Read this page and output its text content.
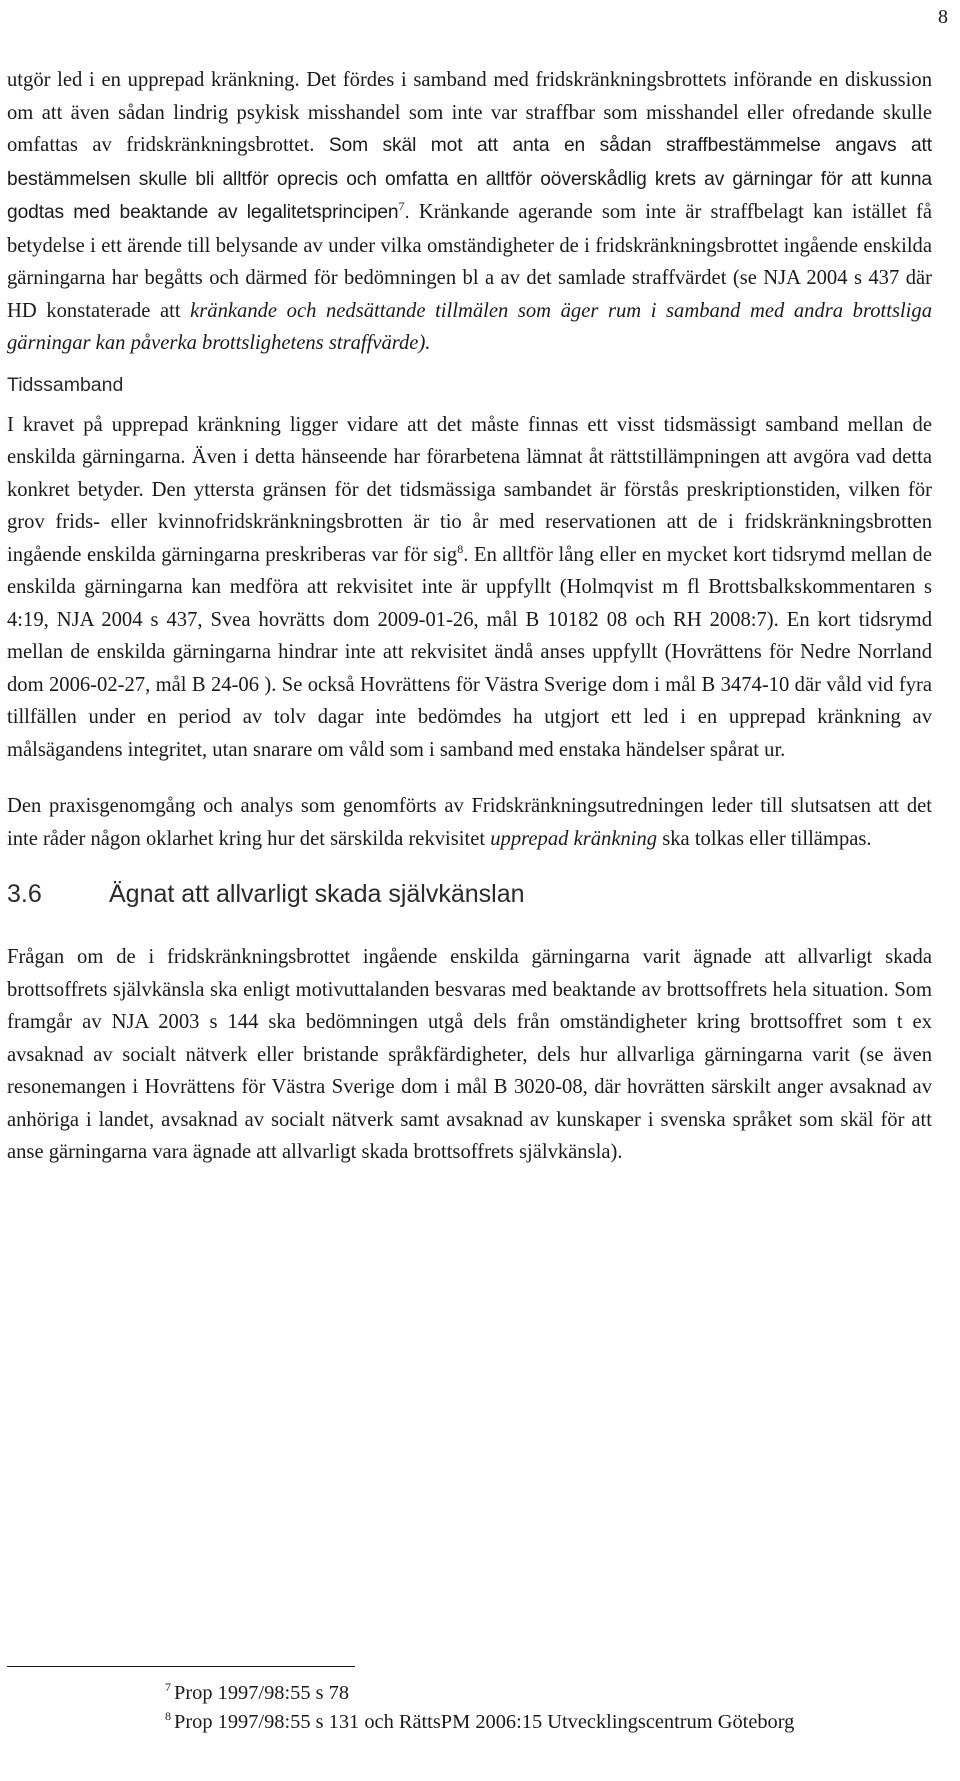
8

utgör led i en upprepad kränkning. Det fördes i samband med fridskränkningsbrottets införande en diskussion om att även sådan lindrig psykisk misshandel som inte var straffbar som misshandel eller ofredande skulle omfattas av fridskränkningsbrottet. Som skäl mot att anta en sådan straffbestämmelse angavs att bestämmelsen skulle bli alltför oprecis och omfatta en alltför oöverskådlig krets av gärningar för att kunna godtas med beaktande av legalitetsprincipen$^7$. Kränkande agerande som inte är straffbelagt kan istället få betydelse i ett ärende till belysande av under vilka omständigheter de i fridskränkningsbrottet ingående enskilda gärningarna har begåtts och därmed för bedömningen bl a av det samlade straffvärdet (se NJA 2004 s 437 där HD konstaterade att kränkande och nedsättande tillmälen som äger rum i samband med andra brottsliga gärningar kan påverka brottslighetens straffvärde).

Tidssamband

I kravet på upprepad kränkning ligger vidare att det måste finnas ett visst tidsmässigt samband mellan de enskilda gärningarna. Även i detta hänseende har förarbetena lämnat åt rättstillämpningen att avgöra vad detta konkret betyder. Den yttersta gränsen för det tidsmässiga sambandet är förstås preskriptionstiden, vilken för grov frids- eller kvinnofridskränkningsbrotten är tio år med reservationen att de i fridskränkningsbrotten ingående enskilda gärningarna preskriberas var för sig$^8$. En alltför lång eller en mycket kort tidsrymd mellan de enskilda gärningarna kan medföra att rekvisitet inte är uppfyllt (Holmqvist m fl Brottsbalkskommentaren s 4:19, NJA 2004 s 437, Svea hovrätts dom 2009-01-26, mål B 10182 08 och RH 2008:7). En kort tidsrymd mellan de enskilda gärningarna hindrar inte att rekvisitet ändå anses uppfyllt (Hovrättens för Nedre Norrland dom 2006-02-27, mål B 24-06 ). Se också Hovrättens för Västra Sverige dom i mål B 3474-10 där våld vid fyra tillfällen under en period av tolv dagar inte bedömdes ha utgjort ett led i en upprepad kränkning av målsägandens integritet, utan snarare om våld som i samband med enstaka händelser spårat ur.

Den praxisgenomgång och analys som genomförts av Fridskränkningsutredningen leder till slutsatsen att det inte råder någon oklarhet kring hur det särskilda rekvisitet upprepad kränkning ska tolkas eller tillämpas.

3.6	Ägnat att allvarligt skada självkänslan

Frågan om de i fridskränkningsbrottet ingående enskilda gärningarna varit ägnade att allvarligt skada brottsoffrets självkänsla ska enligt motivuttalanden besvaras med beaktande av brottsoffrets hela situation. Som framgår av NJA 2003 s 144 ska bedömningen utgå dels från omständigheter kring brottsoffret som t ex avsaknad av socialt nätverk eller bristande språkfärdigheter, dels hur allvarliga gärningarna varit (se även resonemangen i Hovrättens för Västra Sverige dom i mål B 3020-08, där hovrätten särskilt anger avsaknad av anhöriga i landet, avsaknad av socialt nätverk samt avsaknad av kunskaper i svenska språket som skäl för att anse gärningarna vara ägnade att allvarligt skada brottsoffrets självkänsla).

$^7$ Prop 1997/98:55 s 78

$^8$ Prop 1997/98:55 s 131 och RättsPM 2006:15 Utvecklingscentrum Göteborg
